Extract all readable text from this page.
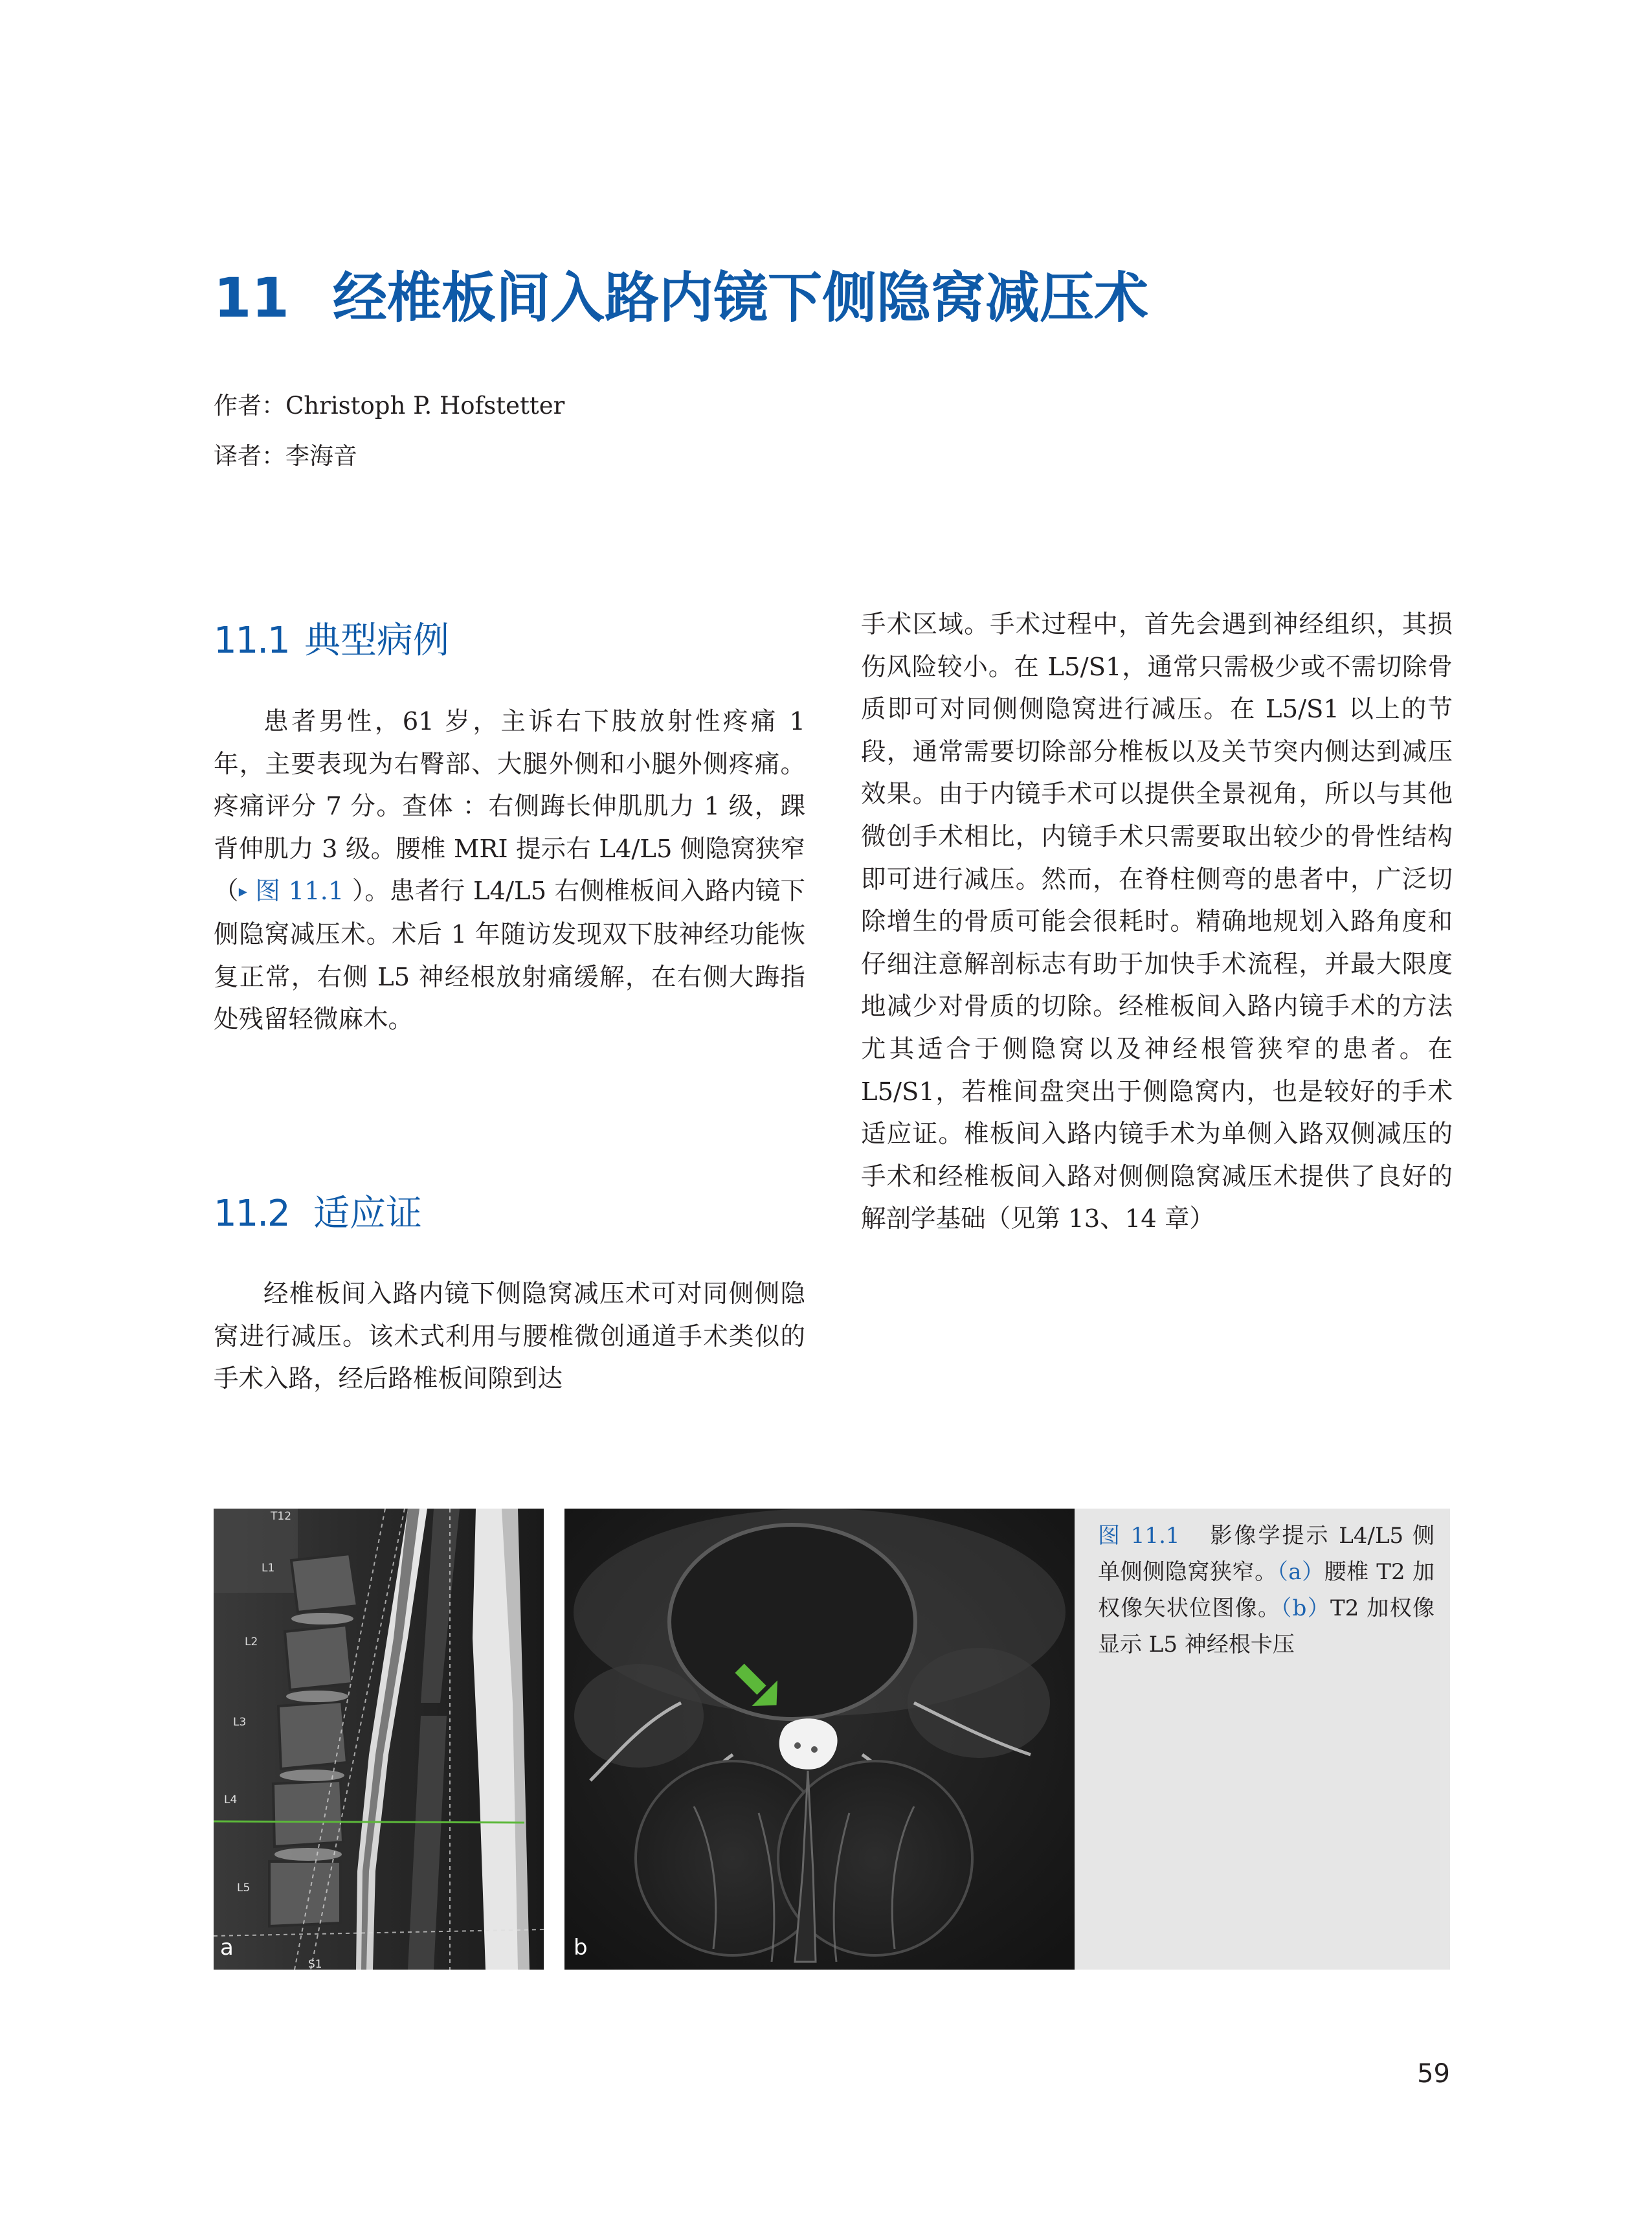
11 经椎板间入路内镜下侧隐窝减压术
作者：Christoph P. Hofstetter
译者：李海音
11.1 典型病例

患者男性，61 岁，主诉右下肢放射性疼痛 1 年，主要表现为右臀部、大腿外侧和小腿外侧疼痛。疼痛评分 7 分。查体 ：右侧踇长伸肌肌力 1 级，踝背伸肌力 3 级。腰椎 MRI 提示右 L4/L5 侧隐窝狭窄（▸ 图 11.1 ）。患者行 L4/L5 右侧椎板间入路内镜下侧隐窝减压术。术后 1 年随访发现双下肢神经功能恢复正常，右侧 L5 神经根放射痛缓解，在右侧大踇指处残留轻微麻木。

11.2 适应证

经椎板间入路内镜下侧隐窝减压术可对同侧侧隐窝进行减压。该术式利用与腰椎微创通道手术类似的手术入路，经后路椎板间隙到达

手术区域。手术过程中，首先会遇到神经组织，其损伤风险较小。在 L5/S1，通常只需极少或不需切除骨质即可对同侧侧隐窝进行减压。在 L5/S1 以上的节段，通常需要切除部分椎板以及关节突内侧达到减压效果。由于内镜手术可以提供全景视角，所以与其他微创手术相比，内镜手术只需要取出较少的骨性结构即可进行减压。然而，在脊柱侧弯的患者中，广泛切除增生的骨质可能会很耗时。精确地规划入路角度和仔细注意解剖标志有助于加快手术流程，并最大限度地减少对骨质的切除。经椎板间入路内镜手术的方法尤其适合于侧隐窝以及神经根管狭窄的患者。在 L5/S1，若椎间盘突出于侧隐窝内，也是较好的手术适应证。椎板间入路内镜手术为单侧入路双侧减压的手术和经椎板间入路对侧侧隐窝减压术提供了良好的解剖学基础（见第 13、14 章）

T12
L1
L2
L3
L4
L5
S1
a	b
图 11.1 影像学提示 L4/L5 侧单侧侧隐窝狭窄。（a）腰椎 T2 加权像矢状位图像。（b）T2 加权像显示 L5 神经根卡压
59
